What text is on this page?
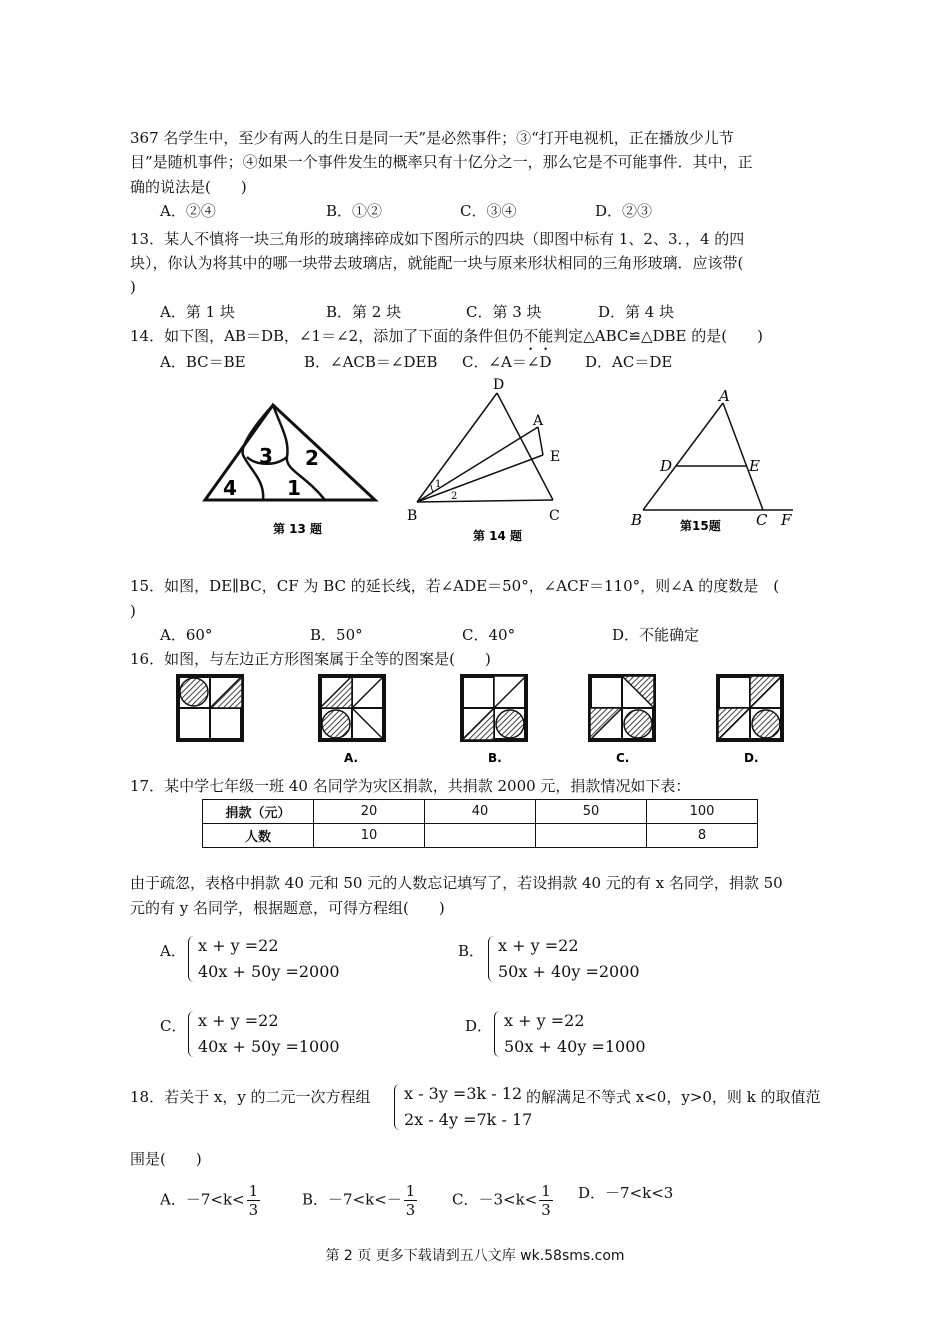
367 名学生中，至少有两人的生日是同一天”是必然事件；③“打开电视机，正在播放少儿节
目”是随机事件；④如果一个事件发生的概率只有十亿分之一，那么它是不可能事件．其中，正
确的说法是(　　)
A．②④	B．①②	C．③④	D．②③
13．某人不慎将一块三角形的玻璃摔碎成如下图所示的四块（即图中标有 1、2、3．，4 的四
块），你认为将其中的哪一块带去玻璃店，就能配一块与原来形状相同的三角形玻璃．应该带(
)
A．第 1 块	B．第 2 块	C．第 3 块	D．第 4 块
14．如下图，AB＝DB，∠1＝∠2，添加了下面的条件但仍不能判定△ABC≌△DBE 的是(　　)
A．BC＝BE	B．∠ACB＝∠DEB C．∠A＝∠D D．AC＝DE
3 2
4	1
第 13 题
D
A
E
B	C
1
2
第 14 题
A
D	E
B	C F
第15题
15．如图，DE∥BC，CF 为 BC 的延长线，若∠ADE＝50°，∠ACF＝110°，则∠A 的度数是　(
)
A．60°	B．50°	C．40°	D．不能确定
16．如图，与左边正方形图案属于全等的图案是(　　)
A.	B.	C.	D.
17．某中学七年级一班 40 名同学为灾区捐款，共捐款 2000 元，捐款情况如下表：
捐款（元）	20	40	50	100
人数	10			8
由于疏忽，表格中捐款 40 元和 50 元的人数忘记填写了，若设捐款 40 元的有 x 名同学，捐款 50
元的有 y 名同学，根据题意，可得方程组(　　)
A． x + y =22
40x + 50y =2000
B． x + y =22
50x + 40y =2000
C． x + y =22
40x + 50y =1000
D． x + y =22
50x + 40y =1000
18．若关于 x，y 的二元一次方程组 x - 3y =3k - 12
2x - 4y =7k - 17
的解满足不等式 x<0，y>0，则 k 的取值范
围是(　　)
A．$-7<k< \frac{1}{3}$	B．$-7<k<- \frac{1}{3}$ C．$-3<k< \frac{1}{3}$ D．－7<k<3
第 2 页 更多下载请到五八文库 wk.58sms.com
